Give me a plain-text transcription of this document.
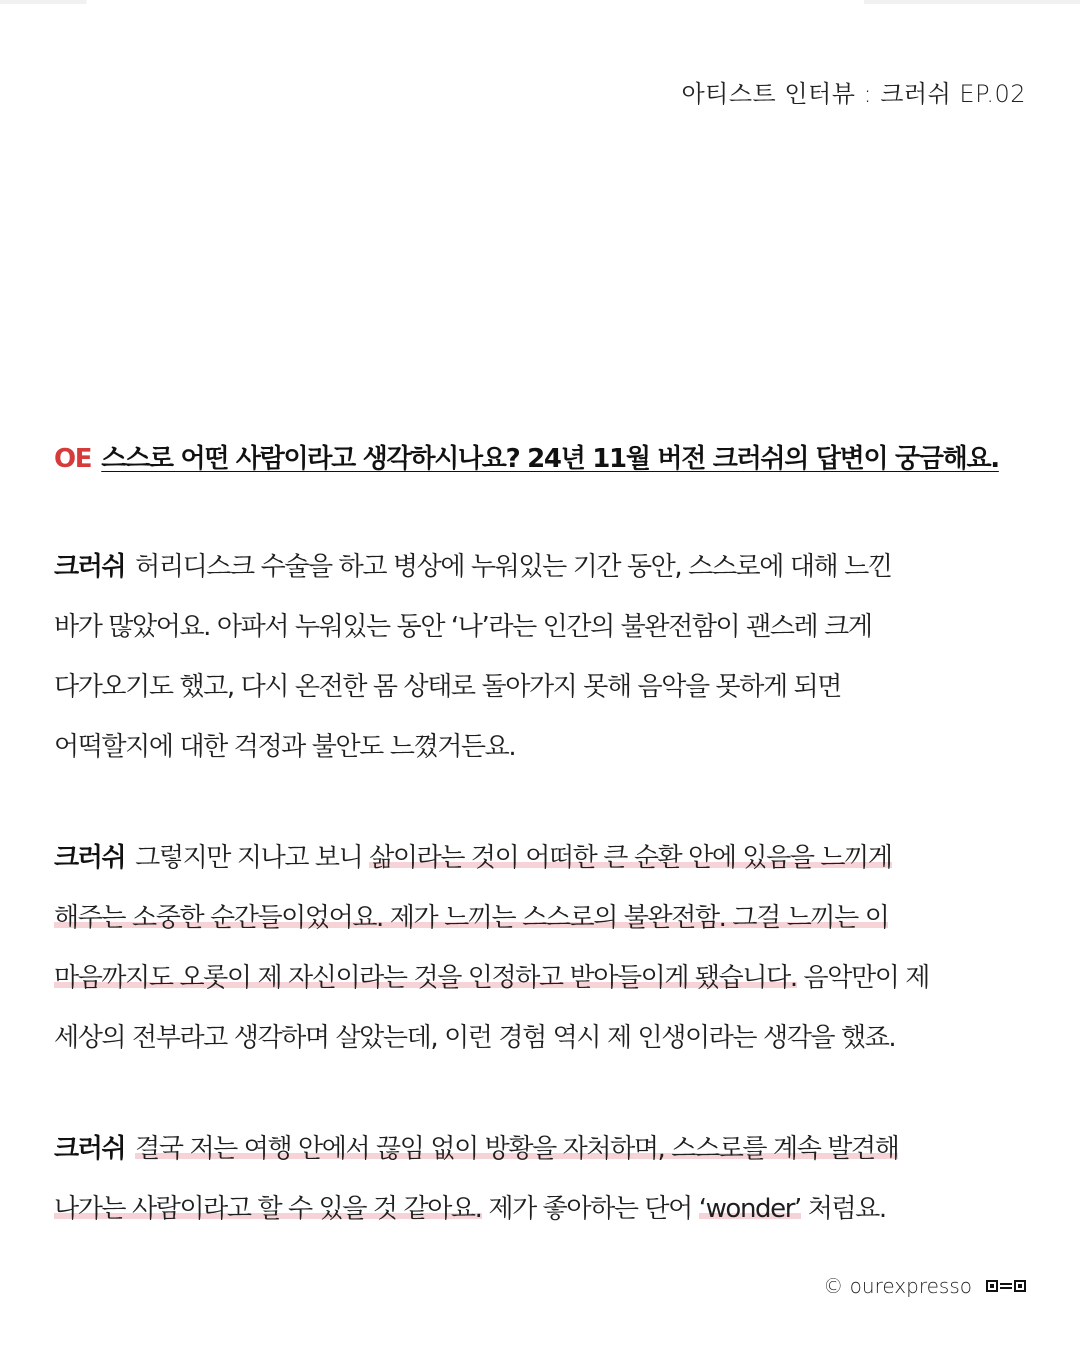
아티스트 인터뷰 : 크러쉬 EP.02
OE 스스로 어떤 사람이라고 생각하시나요? 24년 11월 버전 크러쉬의 답변이 궁금해요.
크러쉬 허리디스크 수술을 하고 병상에 누워있는 기간 동안, 스스로에 대해 느낀
바가 많았어요. 아파서 누워있는 동안 ‘나’라는 인간의 불완전함이 괜스레 크게
다가오기도 했고, 다시 온전한 몸 상태로 돌아가지 못해 음악을 못하게 되면
어떡할지에 대한 걱정과 불안도 느꼈거든요.
크러쉬 그렇지만 지나고 보니 삶이라는 것이 어떠한 큰 순환 안에 있음을 느끼게
해주는 소중한 순간들이었어요. 제가 느끼는 스스로의 불완전함. 그걸 느끼는 이
마음까지도 오롯이 제 자신이라는 것을 인정하고 받아들이게 됐습니다. 음악만이 제
세상의 전부라고 생각하며 살았는데, 이런 경험 역시 제 인생이라는 생각을 했죠.
크러쉬 결국 저는 여행 안에서 끊임 없이 방황을 자처하며, 스스로를 계속 발견해
나가는 사람이라고 할 수 있을 것 같아요. 제가 좋아하는 단어 ‘wonder’ 처럼요.
© ourexpresso
